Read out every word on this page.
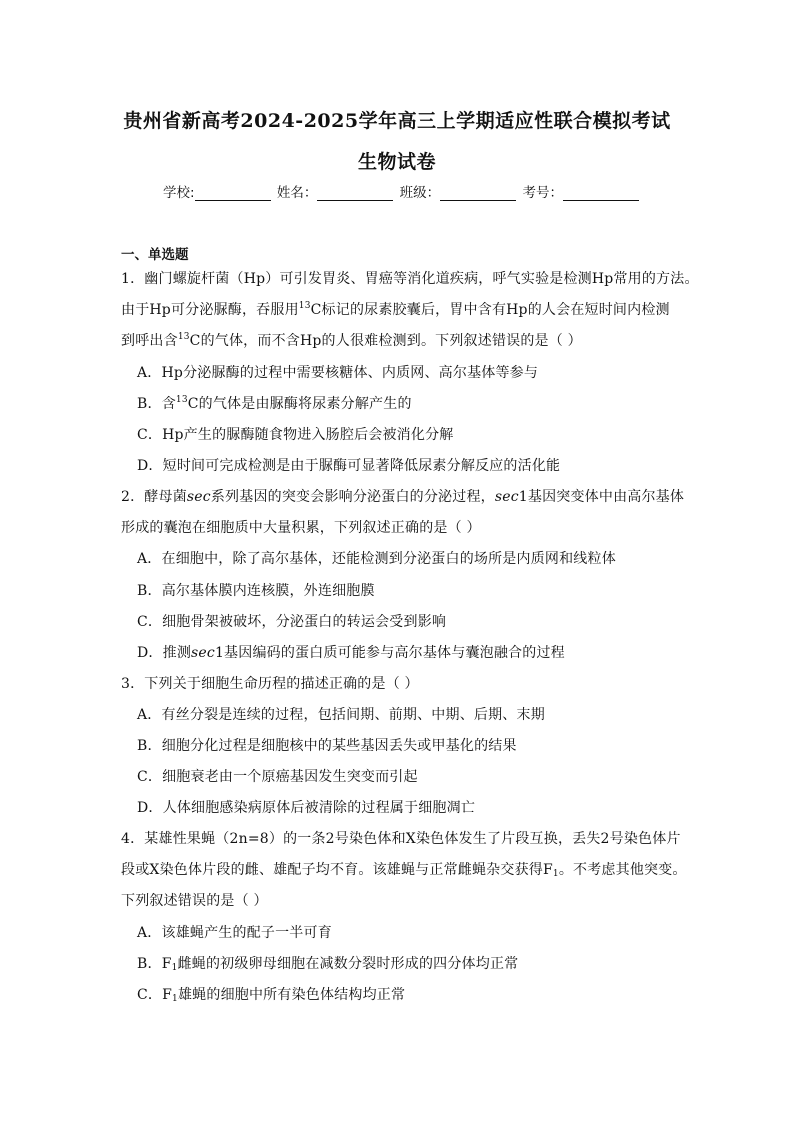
贵州省新高考2024-2025学年高三上学期适应性联合模拟考试
生物试卷
学校:	姓名：	班级：	考号：
一、单选题
1．幽门螺旋杆菌（Hp）可引发胃炎、胃癌等消化道疾病，呼气实验是检测Hp常用的方法。
由于Hp可分泌脲酶，吞服用$^{13}$C标记的尿素胶囊后，胃中含有Hp的人会在短时间内检测
到呼出含$^{13}$C的气体，而不含Hp的人很难检测到。下列叙述错误的是（ ）
A．Hp分泌脲酶的过程中需要核糖体、内质网、高尔基体等参与
B．含$^{13}$C的气体是由脲酶将尿素分解产生的
C．Hp产生的脲酶随食物进入肠腔后会被消化分解
D．短时间可完成检测是由于脲酶可显著降低尿素分解反应的活化能
2．酵母菌sec系列基因的突变会影响分泌蛋白的分泌过程，sec1基因突变体中由高尔基体
形成的囊泡在细胞质中大量积累，下列叙述正确的是（ ）
A．在细胞中，除了高尔基体，还能检测到分泌蛋白的场所是内质网和线粒体
B．高尔基体膜内连核膜，外连细胞膜
C．细胞骨架被破坏，分泌蛋白的转运会受到影响
D．推测sec1基因编码的蛋白质可能参与高尔基体与囊泡融合的过程
3．下列关于细胞生命历程的描述正确的是（ ）
A．有丝分裂是连续的过程，包括间期、前期、中期、后期、末期
B．细胞分化过程是细胞核中的某些基因丢失或甲基化的结果
C．细胞衰老由一个原癌基因发生突变而引起
D．人体细胞感染病原体后被清除的过程属于细胞凋亡
4．某雄性果蝇（2n=8）的一条2号染色体和X染色体发生了片段互换，丢失2号染色体片
段或X染色体片段的雌、雄配子均不育。该雄蝇与正常雌蝇杂交获得$F_1$。不考虑其他突变。
下列叙述错误的是（ ）
A．该雄蝇产生的配子一半可育
B．$F_1$雌蝇的初级卵母细胞在减数分裂时形成的四分体均正常
C．$F_1$雄蝇的细胞中所有染色体结构均正常
